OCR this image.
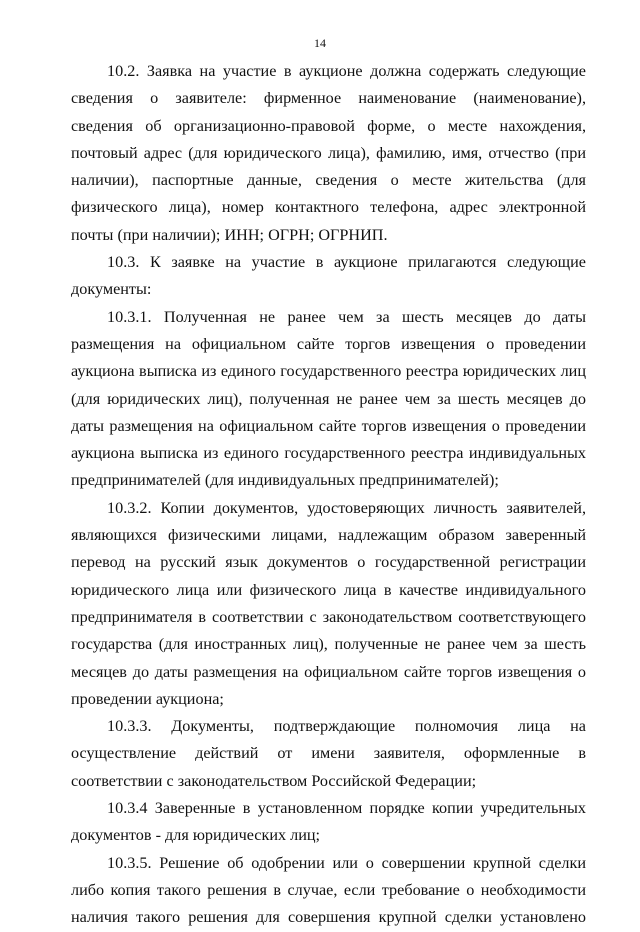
14

10.2. Заявка на участие в аукционе должна содержать следующие сведения о заявителе: фирменное наименование (наименование), сведения об организационно-правовой форме, о месте нахождения, почтовый адрес (для юридического лица), фамилию, имя, отчество (при наличии), паспортные данные, сведения о месте жительства (для физического лица), номер контактного телефона, адрес электронной почты (при наличии); ИНН; ОГРН; ОГРНИП.

10.3. К заявке на участие в аукционе прилагаются следующие документы:

10.3.1. Полученная не ранее чем за шесть месяцев до даты размещения на официальном сайте торгов извещения о проведении аукциона выписка из единого государственного реестра юридических лиц (для юридических лиц), полученная не ранее чем за шесть месяцев до даты размещения на официальном сайте торгов извещения о проведении аукциона выписка из единого государственного реестра индивидуальных предпринимателей (для индивидуальных предпринимателей);

10.3.2. Копии документов, удостоверяющих личность заявителей, являющихся физическими лицами, надлежащим образом заверенный перевод на русский язык документов о государственной регистрации юридического лица или физического лица в качестве индивидуального предпринимателя в соответствии с законодательством соответствующего государства (для иностранных лиц), полученные не ранее чем за шесть месяцев до даты размещения на официальном сайте торгов извещения о проведении аукциона;

10.3.3. Документы, подтверждающие полномочия лица на осуществление действий от имени заявителя, оформленные в соответствии с законодательством Российской Федерации;

10.3.4 Заверенные в установленном порядке копии учредительных документов - для юридических лиц;

10.3.5. Решение об одобрении или о совершении крупной сделки либо копия такого решения в случае, если требование о необходимости наличия такого решения для совершения крупной сделки установлено
